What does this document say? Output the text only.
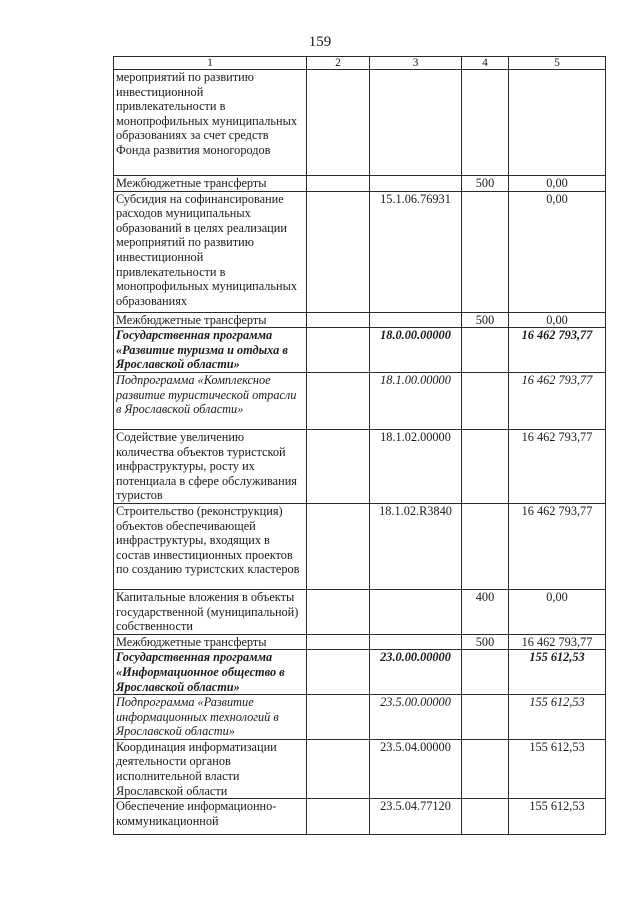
159
1	2	3	4	5
мероприятий по развитию инвестиционной привлекательности в монопрофильных муниципальных образованиях за счет средств Фонда развития моногородов				
Межбюджетные трансферты			500	0,00
Субсидия на софинансирование расходов муниципальных образований в целях реализации мероприятий по развитию инвестиционной привлекательности в монопрофильных муниципальных образованиях		15.1.06.76931		0,00
Межбюджетные трансферты			500	0,00
Государственная программа «Развитие туризма и отдыха в Ярославской области»		18.0.00.00000		16 462 793,77
Подпрограмма «Комплексное развитие туристической отрасли в Ярославской области»		18.1.00.00000		16 462 793,77
Содействие увеличению количества объектов туристской инфраструктуры, росту их потенциала в сфере обслуживания туристов		18.1.02.00000		16 462 793,77
Строительство (реконструкция) объектов обеспечивающей инфраструктуры, входящих в состав инвестиционных проектов по созданию туристских кластеров		18.1.02.R3840		16 462 793,77
Капитальные вложения в объекты государственной (муниципальной) собственности			400	0,00
Межбюджетные трансферты			500	16 462 793,77
Государственная программа «Информационное общество в Ярославской области»		23.0.00.00000		155 612,53
Подпрограмма «Развитие информационных технологий в Ярославской области»		23.5.00.00000		155 612,53
Координация информатизации деятельности органов исполнительной власти Ярославской области		23.5.04.00000		155 612,53
Обеспечение информационно-коммуникационной		23.5.04.77120		155 612,53
